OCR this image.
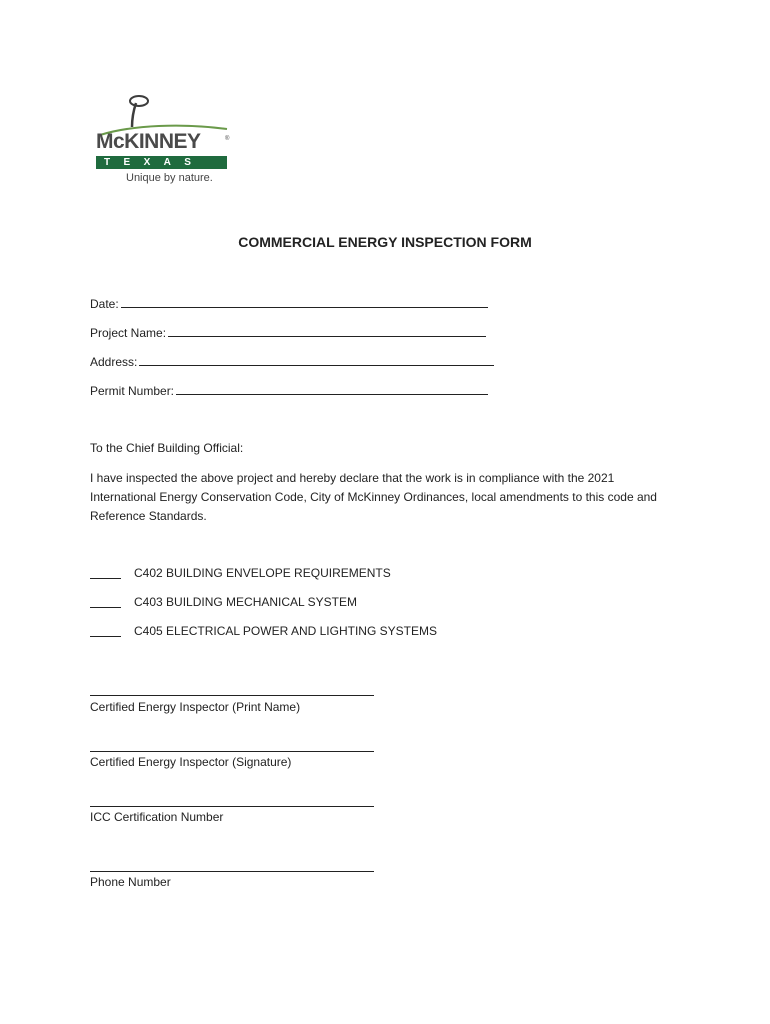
McKINNEY	®
TEXAS
Unique by nature.
COMMERCIAL ENERGY INSPECTION FORM
Date:
Project Name:
Address:
Permit Number:
To the Chief Building Official:
I have inspected the above project and hereby declare that the work is in compliance with the 2021 International Energy Conservation Code, City of McKinney Ordinances, local amendments to this code and Reference Standards.
C402 BUILDING ENVELOPE REQUIREMENTS
C403 BUILDING MECHANICAL SYSTEM
C405 ELECTRICAL POWER AND LIGHTING SYSTEMS
Certified Energy Inspector (Print Name)
Certified Energy Inspector (Signature)
ICC Certification Number
Phone Number
